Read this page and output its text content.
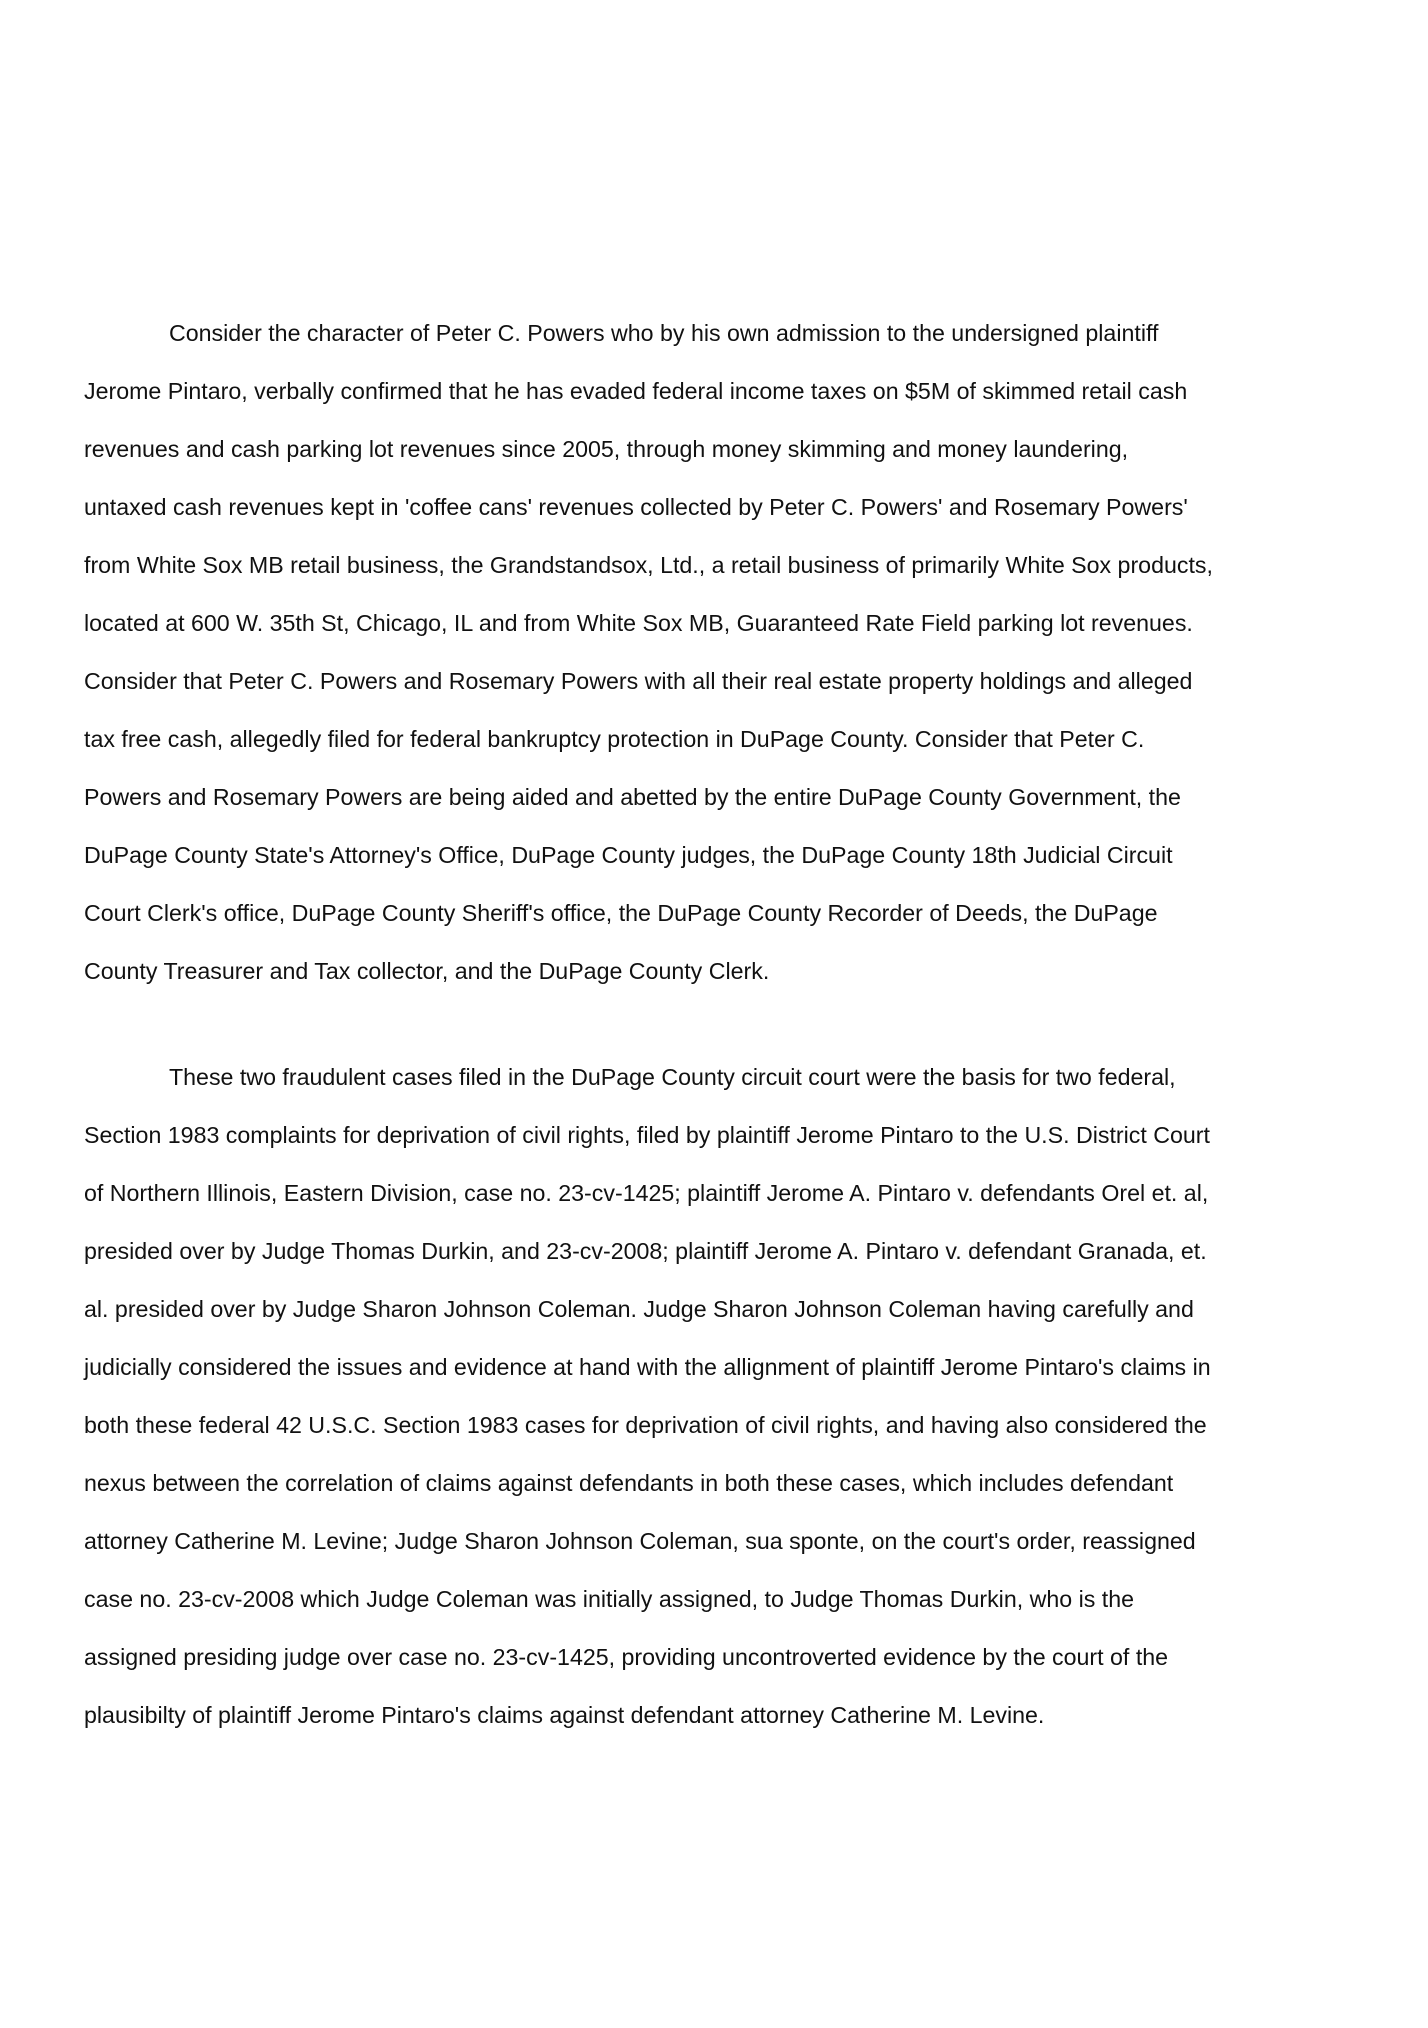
Consider the character of Peter C. Powers who by his own admission to the undersigned plaintiff
Jerome Pintaro, verbally confirmed that he has evaded federal income taxes on $5M of skimmed retail cash
revenues and cash parking lot revenues since 2005, through money skimming and money laundering,
untaxed cash revenues kept in 'coffee cans' revenues collected by Peter C. Powers' and Rosemary Powers'
from White Sox MB retail business, the Grandstandsox, Ltd., a retail business of primarily White Sox products,
located at 600 W. 35th St, Chicago, IL and from White Sox MB, Guaranteed Rate Field parking lot revenues.
Consider that Peter C. Powers and Rosemary Powers with all their real estate property holdings and alleged
tax free cash, allegedly filed for federal bankruptcy protection in DuPage County. Consider that Peter C.
Powers and Rosemary Powers are being aided and abetted by the entire DuPage County Government, the
DuPage County State's Attorney's Office, DuPage County judges, the DuPage County 18th Judicial Circuit
Court Clerk's office, DuPage County Sheriff's office, the DuPage County Recorder of Deeds, the DuPage
County Treasurer and Tax collector, and the DuPage County Clerk.
These two fraudulent cases filed in the DuPage County circuit court were the basis for two federal,
Section 1983 complaints for deprivation of civil rights, filed by plaintiff Jerome Pintaro to the U.S. District Court
of Northern Illinois, Eastern Division, case no. 23-cv-1425; plaintiff Jerome A. Pintaro v. defendants Orel et. al,
presided over by Judge Thomas Durkin, and 23-cv-2008; plaintiff Jerome A. Pintaro v. defendant Granada, et.
al. presided over by Judge Sharon Johnson Coleman. Judge Sharon Johnson Coleman having carefully and
judicially considered the issues and evidence at hand with the allignment of plaintiff Jerome Pintaro's claims in
both these federal 42 U.S.C. Section 1983 cases for deprivation of civil rights, and having also considered the
nexus between the correlation of claims against defendants in both these cases, which includes defendant
attorney Catherine M. Levine; Judge Sharon Johnson Coleman, sua sponte, on the court's order, reassigned
case no. 23-cv-2008 which Judge Coleman was initially assigned, to Judge Thomas Durkin, who is the
assigned presiding judge over case no. 23-cv-1425, providing uncontroverted evidence by the court of the
plausibilty of plaintiff Jerome Pintaro's claims against defendant attorney Catherine M. Levine.
